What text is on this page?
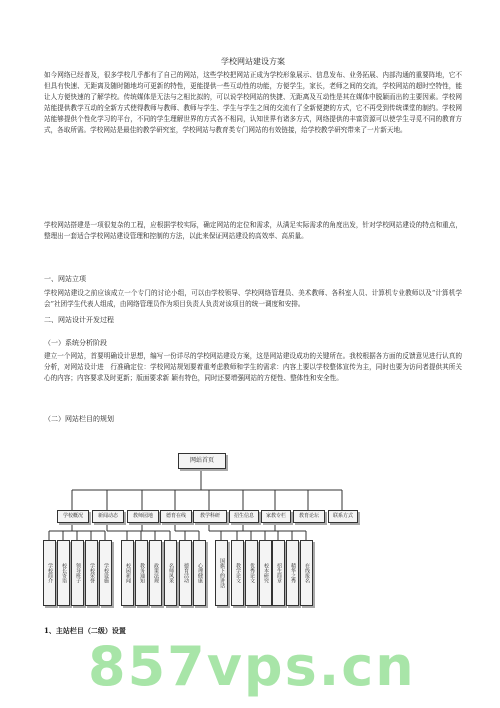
学校网站建设方案

如今网络已经普及，很多学校几乎都有了自己的网站，这些学校把网站正成为学校形象展示、信息发布、业务拓展、内部沟通的重要阵地，它不但具有快速、无距离及随时随地均可更新的特性，更能提供一些互动性的功能，方便学生，家长，老师之间的交流，学校网站的超时空特性，能让人方便快速的了解学校。传统媒体是无法与之相比拟的，可以说学校网站的快捷、无距离及互动性是其在媒体中脱颖而出的主要因素。学校网站能提供教学互动的全新方式使得教师与教师、教师与学生、学生与学生之间的交流有了全新便捷的方式，它不再受到传统课堂的制约。学校网站能够提供个性化学习的平台，不同的学生理解世界的方式各不相同，认知世界有诸多方式，网络提供的丰富资源可以使学生寻觅不同的教育方式，各取所需。学校网站是最佳的教学研究室，学校网站与教育类专门网站的有效链接，给学校教学研究带来了一片新天地。

学校网站搭建是一项很复杂的工程，应根据学校实际，确定网站的定位和需求，从满足实际需求的角度出发，针对学校网站建设的特点和重点，整理出一套适合学校网站建设管理和控制的方法，以此来保证网站建设的高效率、高质量。

一、网站立项

学校网站建设之前应该成立一个专门的讨论小组，可以由学校领导、学校网络管理员、美术教师、各科室人员、计算机专业教师以及“计算机学会”社团学生代表人组成，由网络管理员作为项目负责人负责对该项目的统一调度和安排。

二、网站设计开发过程

（一）系统分析阶段

建立一个网站，首要明确设计思想，编写一份详尽的学校网站建设方案，这是网站建设成功的关键所在。我校根据各方面的反馈意见进行认真的分析，对网站设计进　行准确定位：学校网站规划要着重考虑教师和学生的需求：内容上要以学校整体宣传为主，同时也要为访问者提供其所关心的内容；内容要求及时更新；版面要求新 颖有特色，同时还要增强网站的方便性、整体性和安全性。

（二）网站栏目的规划

1、主站栏目（二级）设置

网站首页
学校概况	新闻动态	教师园地	德育在线	教学科研	招生信息	家教专栏	教育论坛	联系方式
学校简介	校长寄语	领导班子	学校荣誉	学校设施	校园新闻	教务通知	政策法规	名师风采	德育活动	心理健康	国旗下的讲话	教学论文	优秀论文	校本研究	招生简章	精华之秀	在线报名
857vps.cn
